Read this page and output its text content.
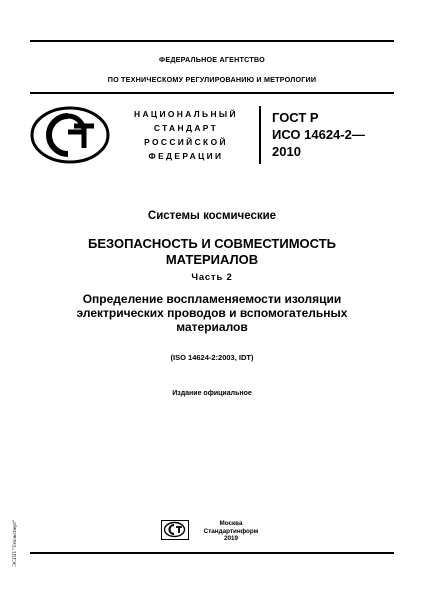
ФЕДЕРАЛЬНОЕ АГЕНТСТВО
ПО ТЕХНИЧЕСКОМУ РЕГУЛИРОВАНИЮ И МЕТРОЛОГИИ
НАЦИОНАЛЬНЫЙ
СТАНДАРТ
РОССИЙСКОЙ
ФЕДЕРАЦИИ
ГОСТ Р
ИСО 14624-2—
2010
Системы космические
БЕЗОПАСНОСТЬ И СОВМЕСТИМОСТЬ
МАТЕРИАЛОВ
Часть 2
Определение воспламеняемости изоляции
электрических проводов и вспомогательных
материалов
(ISO 14624-2:2003, IDT)
Издание официальное
Москва
Стандартинформ
2019
ЭСПП "Техэксперт"
